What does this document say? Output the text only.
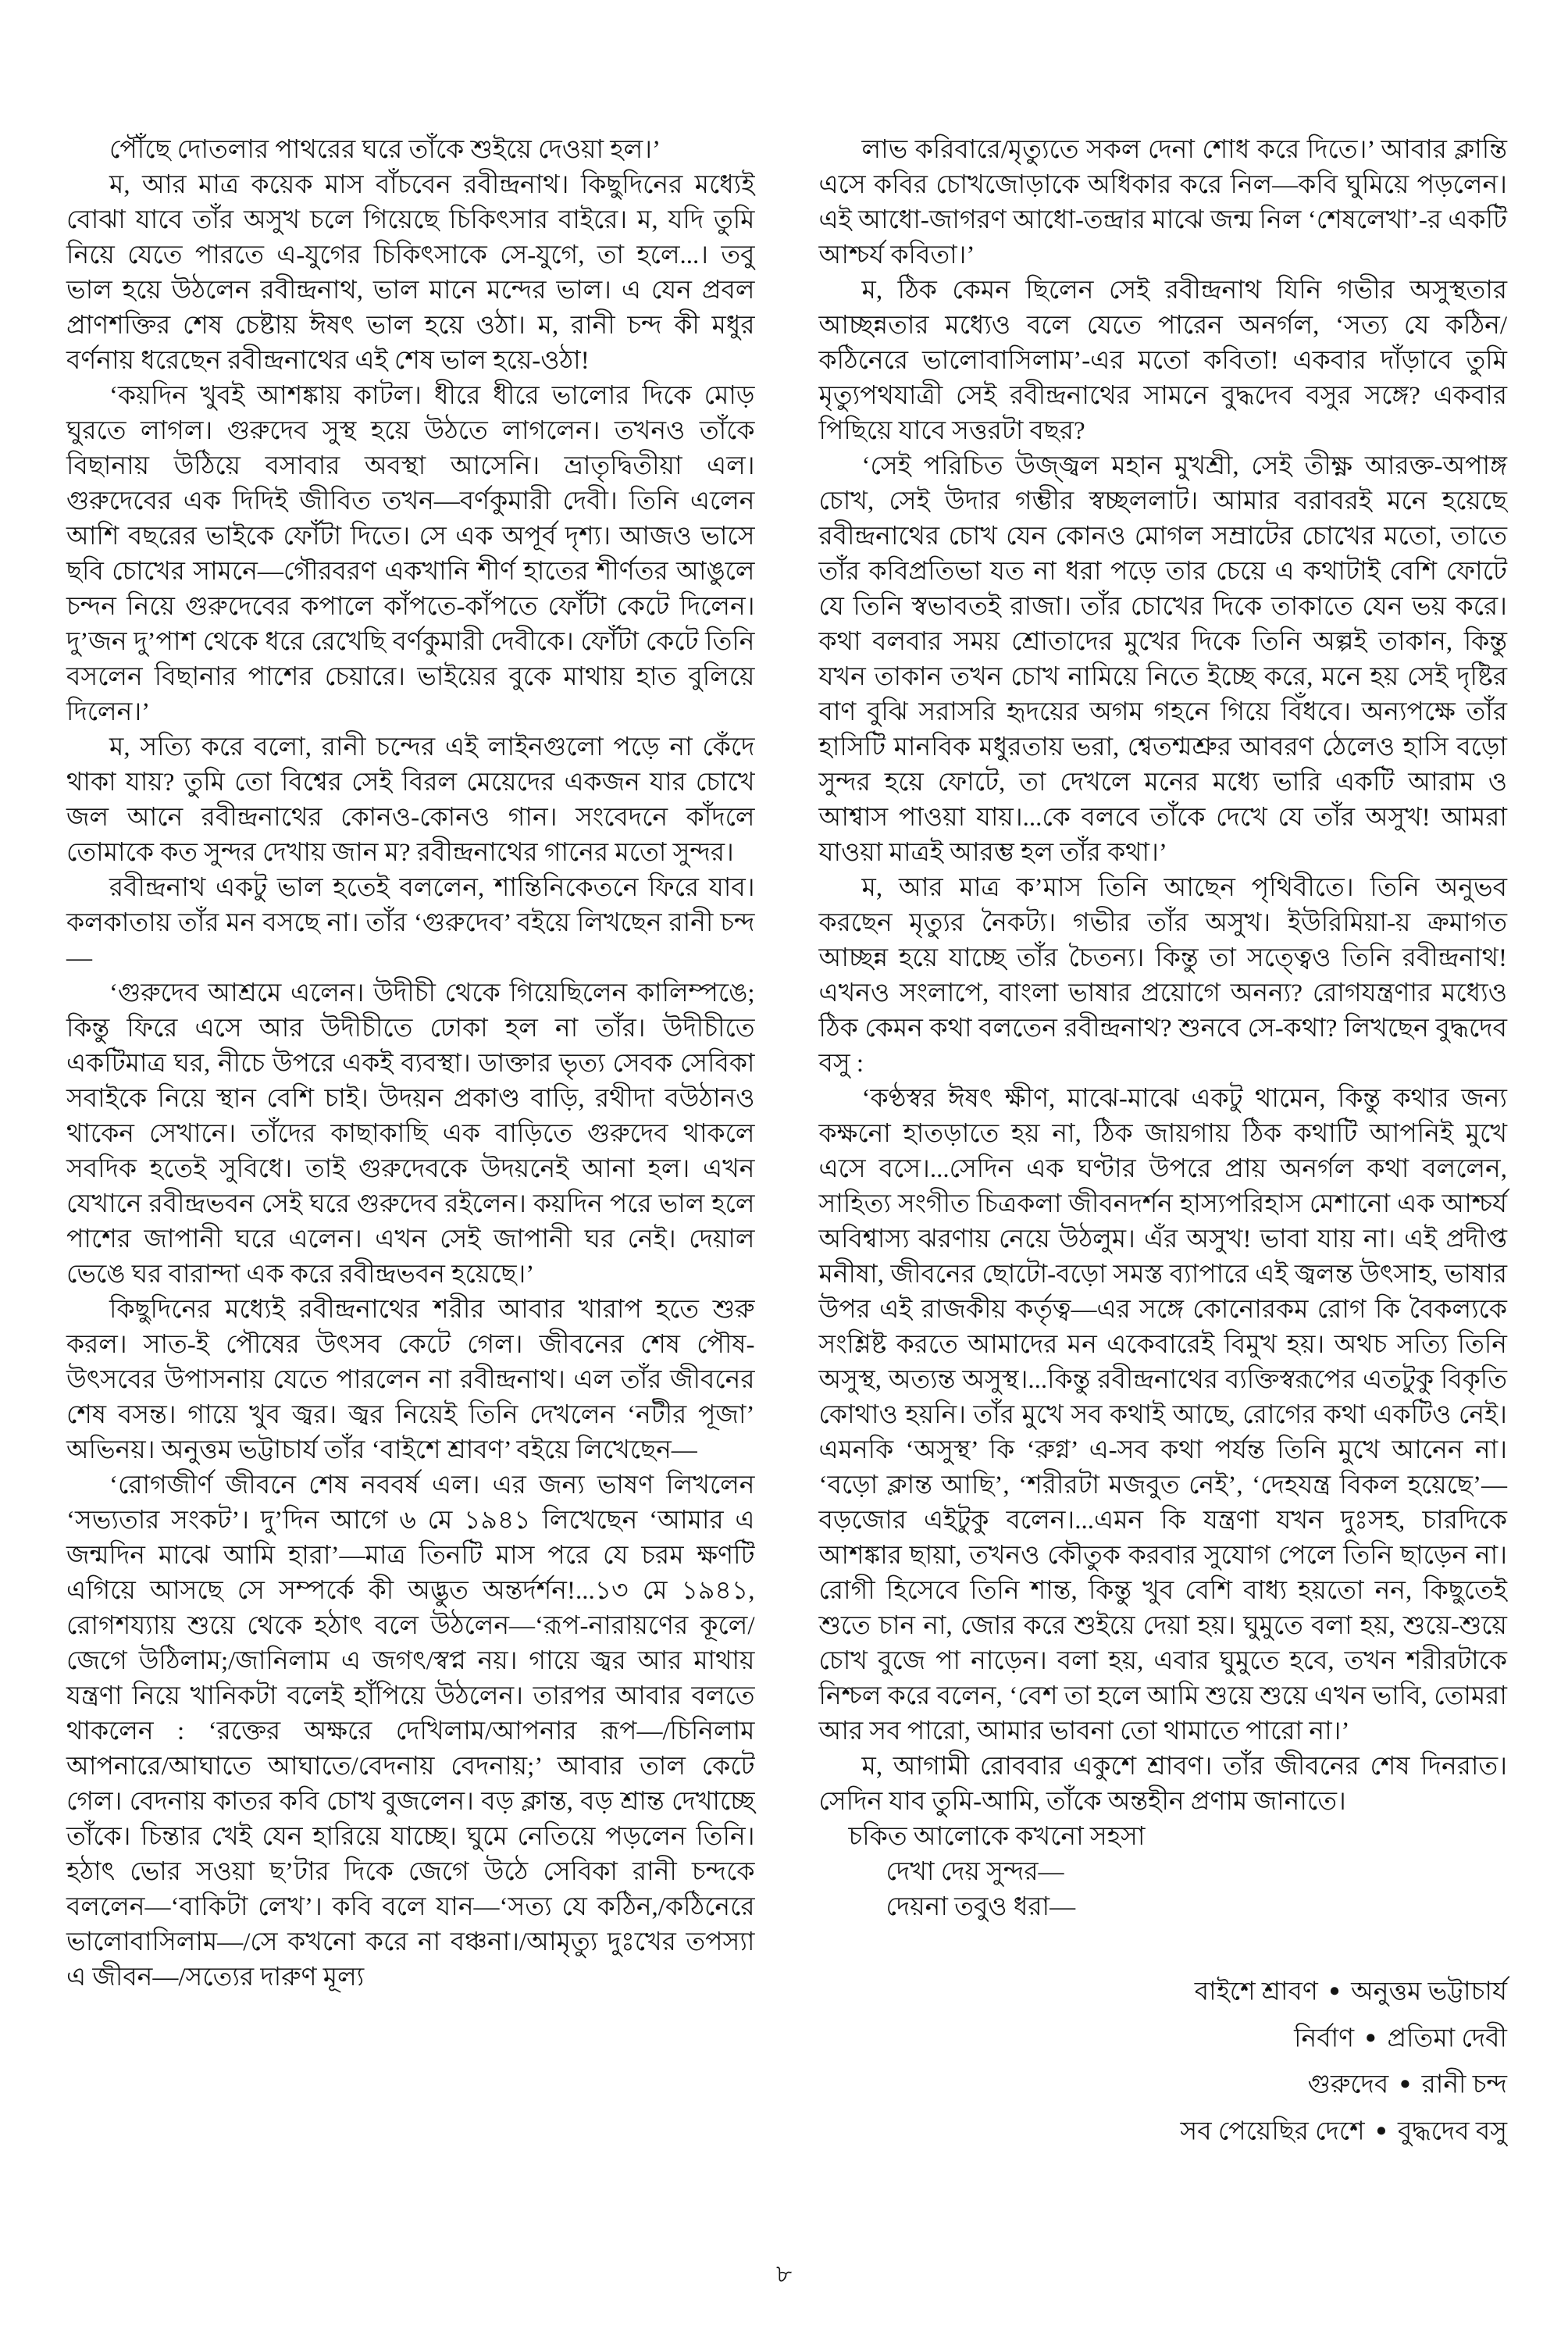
পৌঁছে দোতলার পাথরের ঘরে তাঁকে শুইয়ে দেওয়া হল।’

ম, আর মাত্র কয়েক মাস বাঁচবেন রবীন্দ্রনাথ। কিছুদিনের মধ্যেই বোঝা যাবে তাঁর অসুখ চলে গিয়েছে চিকিৎসার বাইরে। ম, যদি তুমি নিয়ে যেতে পারতে এ-যুগের চিকিৎসাকে সে-যুগে, তা হলে...। তবু ভাল হয়ে উঠলেন রবীন্দ্রনাথ, ভাল মানে মন্দের ভাল। এ যেন প্রবল প্রাণশক্তির শেষ চেষ্টায় ঈষৎ ভাল হয়ে ওঠা। ম, রানী চন্দ কী মধুর বর্ণনায় ধরেছেন রবীন্দ্রনাথের এই শেষ ভাল হয়ে-ওঠা!

‘কয়দিন খুবই আশঙ্কায় কাটল। ধীরে ধীরে ভালোর দিকে মোড় ঘুরতে লাগল। গুরুদেব সুস্থ হয়ে উঠতে লাগলেন। তখনও তাঁকে বিছানায় উঠিয়ে বসাবার অবস্থা আসেনি। ভ্রাতৃদ্বিতীয়া এল। গুরুদেবের এক দিদিই জীবিত তখন—বর্ণকুমারী দেবী। তিনি এলেন আশি বছরের ভাইকে ফোঁটা দিতে। সে এক অপূর্ব দৃশ্য। আজও ভাসে ছবি চোখের সামনে—গৌরবরণ একখানি শীর্ণ হাতের শীর্ণতর আঙুলে চন্দন নিয়ে গুরুদেবের কপালে কাঁপতে-কাঁপতে ফোঁটা কেটে দিলেন। দু’জন দু’পাশ থেকে ধরে রেখেছি বর্ণকুমারী দেবীকে। ফোঁটা কেটে তিনি বসলেন বিছানার পাশের চেয়ারে। ভাইয়ের বুকে মাথায় হাত বুলিয়ে দিলেন।’

ম, সত্যি করে বলো, রানী চন্দের এই লাইনগুলো পড়ে না কেঁদে থাকা যায়? তুমি তো বিশ্বের সেই বিরল মেয়েদের একজন যার চোখে জল আনে রবীন্দ্রনাথের কোনও-কোনও গান। সংবেদনে কাঁদলে তোমাকে কত সুন্দর দেখায় জান ম? রবীন্দ্রনাথের গানের মতো সুন্দর।

রবীন্দ্রনাথ একটু ভাল হতেই বললেন, শান্তিনিকেতনে ফিরে যাব। কলকাতায় তাঁর মন বসছে না। তাঁর ‘গুরুদেব’ বইয়ে লিখছেন রানী চন্দ—

‘গুরুদেব আশ্রমে এলেন। উদীচী থেকে গিয়েছিলেন কালিম্পঙে; কিন্তু ফিরে এসে আর উদীচীতে ঢোকা হল না তাঁর। উদীচীতে একটিমাত্র ঘর, নীচে উপরে একই ব্যবস্থা। ডাক্তার ভৃত্য সেবক সেবিকা সবাইকে নিয়ে স্থান বেশি চাই। উদয়ন প্রকাণ্ড বাড়ি, রথীদা বউঠানও থাকেন সেখানে। তাঁদের কাছাকাছি এক বাড়িতে গুরুদেব থাকলে সবদিক হতেই সুবিধে। তাই গুরুদেবকে উদয়নেই আনা হল। এখন যেখানে রবীন্দ্রভবন সেই ঘরে গুরুদেব রইলেন। কয়দিন পরে ভাল হলে পাশের জাপানী ঘরে এলেন। এখন সেই জাপানী ঘর নেই। দেয়াল ভেঙে ঘর বারান্দা এক করে রবীন্দ্রভবন হয়েছে।’

কিছুদিনের মধ্যেই রবীন্দ্রনাথের শরীর আবার খারাপ হতে শুরু করল। সাত-ই পৌষের উৎসব কেটে গেল। জীবনের শেষ পৌষ-উৎসবের উপাসনায় যেতে পারলেন না রবীন্দ্রনাথ। এল তাঁর জীবনের শেষ বসন্ত। গায়ে খুব জ্বর। জ্বর নিয়েই তিনি দেখলেন ‘নটীর পূজা’ অভিনয়। অনুত্তম ভট্টাচার্য তাঁর ‘বাইশে শ্রাবণ’ বইয়ে লিখেছেন—

‘রোগজীর্ণ জীবনে শেষ নববর্ষ এল। এর জন্য ভাষণ লিখলেন ‘সভ্যতার সংকট’। দু’দিন আগে ৬ মে ১৯৪১ লিখেছেন ‘আমার এ জন্মদিন মাঝে আমি হারা’—মাত্র তিনটি মাস পরে যে চরম ক্ষণটি এগিয়ে আসছে সে সম্পর্কে কী অদ্ভুত অন্তর্দর্শন!...১৩ মে ১৯৪১, রোগশয্যায় শুয়ে থেকে হঠাৎ বলে উঠলেন—‘রূপ-নারায়ণের কূলে/জেগে উঠিলাম;/জানিলাম এ জগৎ/স্বপ্ন নয়। গায়ে জ্বর আর মাথায় যন্ত্রণা নিয়ে খানিকটা বলেই হাঁপিয়ে উঠলেন। তারপর আবার বলতে থাকলেন : ‘রক্তের অক্ষরে দেখিলাম/আপনার রূপ—/চিনিলাম আপনারে/আঘাতে আঘাতে/বেদনায় বেদনায়;’ আবার তাল কেটে গেল। বেদনায় কাতর কবি চোখ বুজলেন। বড় ক্লান্ত, বড় শ্রান্ত দেখাচ্ছে তাঁকে। চিন্তার খেই যেন হারিয়ে যাচ্ছে। ঘুমে নেতিয়ে পড়লেন তিনি। হঠাৎ ভোর সওয়া ছ’টার দিকে জেগে উঠে সেবিকা রানী চন্দকে বললেন—‘বাকিটা লেখ’। কবি বলে যান—‘সত্য যে কঠিন,/কঠিনেরে ভালোবাসিলাম—/সে কখনো করে না বঞ্চনা।/আমৃত্যু দুঃখের তপস্যা এ জীবন—/সত্যের দারুণ মূল্য

লাভ করিবারে/মৃত্যুতে সকল দেনা শোধ করে দিতে।’ আবার ক্লান্তি এসে কবির চোখজোড়াকে অধিকার করে নিল—কবি ঘুমিয়ে পড়লেন। এই আধো-জাগরণ আধো-তন্দ্রার মাঝে জন্ম নিল ‘শেষলেখা’-র একটি আশ্চর্য কবিতা।’

ম, ঠিক কেমন ছিলেন সেই রবীন্দ্রনাথ যিনি গভীর অসুস্থতার আচ্ছন্নতার মধ্যেও বলে যেতে পারেন অনর্গল, ‘সত্য যে কঠিন/কঠিনেরে ভালোবাসিলাম’-এর মতো কবিতা! একবার দাঁড়াবে তুমি মৃত্যুপথযাত্রী সেই রবীন্দ্রনাথের সামনে বুদ্ধদেব বসুর সঙ্গে? একবার পিছিয়ে যাবে সত্তরটা বছর?

‘সেই পরিচিত উজ্জ্বল মহান মুখশ্রী, সেই তীক্ষ্ণ আরক্ত-অপাঙ্গ চোখ, সেই উদার গম্ভীর স্বচ্ছললাট। আমার বরাবরই মনে হয়েছে রবীন্দ্রনাথের চোখ যেন কোনও মোগল সম্রাটের চোখের মতো, তাতে তাঁর কবিপ্রতিভা যত না ধরা পড়ে তার চেয়ে এ কথাটাই বেশি ফোটে যে তিনি স্বভাবতই রাজা। তাঁর চোখের দিকে তাকাতে যেন ভয় করে। কথা বলবার সময় শ্রোতাদের মুখের দিকে তিনি অল্পই তাকান, কিন্তু যখন তাকান তখন চোখ নামিয়ে নিতে ইচ্ছে করে, মনে হয় সেই দৃষ্টির বাণ বুঝি সরাসরি হৃদয়ের অগম গহনে গিয়ে বিঁধবে। অন্যপক্ষে তাঁর হাসিটি মানবিক মধুরতায় ভরা, শ্বেতশ্মশ্রুর আবরণ ঠেলেও হাসি বড়ো সুন্দর হয়ে ফোটে, তা দেখলে মনের মধ্যে ভারি একটি আরাম ও আশ্বাস পাওয়া যায়।...কে বলবে তাঁকে দেখে যে তাঁর অসুখ! আমরা যাওয়া মাত্রই আরম্ভ হল তাঁর কথা।’

ম, আর মাত্র ক’মাস তিনি আছেন পৃথিবীতে। তিনি অনুভব করছেন মৃত্যুর নৈকট্য। গভীর তাঁর অসুখ। ইউরিমিয়া-য় ক্রমাগত আচ্ছন্ন হয়ে যাচ্ছে তাঁর চৈতন্য। কিন্তু তা সত্ত্বেও তিনি রবীন্দ্রনাথ! এখনও সংলাপে, বাংলা ভাষার প্রয়োগে অনন্য? রোগযন্ত্রণার মধ্যেও ঠিক কেমন কথা বলতেন রবীন্দ্রনাথ? শুনবে সে-কথা? লিখছেন বুদ্ধদেব বসু :

‘কণ্ঠস্বর ঈষৎ ক্ষীণ, মাঝে-মাঝে একটু থামেন, কিন্তু কথার জন্য কক্ষনো হাতড়াতে হয় না, ঠিক জায়গায় ঠিক কথাটি আপনিই মুখে এসে বসে।...সেদিন এক ঘণ্টার উপরে প্রায় অনর্গল কথা বললেন, সাহিত্য সংগীত চিত্রকলা জীবনদর্শন হাস্যপরিহাস মেশানো এক আশ্চর্য অবিশ্বাস্য ঝরণায় নেয়ে উঠলুম। এঁর অসুখ! ভাবা যায় না। এই প্রদীপ্ত মনীষা, জীবনের ছোটো-বড়ো সমস্ত ব্যাপারে এই জ্বলন্ত উৎসাহ, ভাষার উপর এই রাজকীয় কর্তৃত্ব—এর সঙ্গে কোনোরকম রোগ কি বৈকল্যকে সংশ্লিষ্ট করতে আমাদের মন একেবারেই বিমুখ হয়। অথচ সত্যি তিনি অসুস্থ, অত্যন্ত অসুস্থ।...কিন্তু রবীন্দ্রনাথের ব্যক্তিস্বরূপের এতটুকু বিকৃতি কোথাও হয়নি। তাঁর মুখে সব কথাই আছে, রোগের কথা একটিও নেই। এমনকি ‘অসুস্থ’ কি ‘রুগ্ন’ এ-সব কথা পর্যন্ত তিনি মুখে আনেন না। ‘বড়ো ক্লান্ত আছি’, ‘শরীরটা মজবুত নেই’, ‘দেহযন্ত্র বিকল হয়েছে’—বড়জোর এইটুকু বলেন।...এমন কি যন্ত্রণা যখন দুঃসহ, চারদিকে আশঙ্কার ছায়া, তখনও কৌতুক করবার সুযোগ পেলে তিনি ছাড়েন না। রোগী হিসেবে তিনি শান্ত, কিন্তু খুব বেশি বাধ্য হয়তো নন, কিছুতেই শুতে চান না, জোর করে শুইয়ে দেয়া হয়। ঘুমুতে বলা হয়, শুয়ে-শুয়ে চোখ বুজে পা নাড়েন। বলা হয়, এবার ঘুমুতে হবে, তখন শরীরটাকে নিশ্চল করে বলেন, ‘বেশ তা হলে আমি শুয়ে শুয়ে এখন ভাবি, তোমরা আর সব পারো, আমার ভাবনা তো থামাতে পারো না।’

ম, আগামী রোববার একুশে শ্রাবণ। তাঁর জীবনের শেষ দিনরাত। সেদিন যাব তুমি-আমি, তাঁকে অন্তহীন প্রণাম জানাতে।

চকিত আলোকে কখনো সহসা

দেখা দেয় সুন্দর—

দেয়না তবুও ধরা—

বাইশে শ্রাবণ ● অনুত্তম ভট্টাচার্য

নির্বাণ ● প্রতিমা দেবী

গুরুদেব ● রানী চন্দ

সব পেয়েছির দেশে ● বুদ্ধদেব বসু

৮
